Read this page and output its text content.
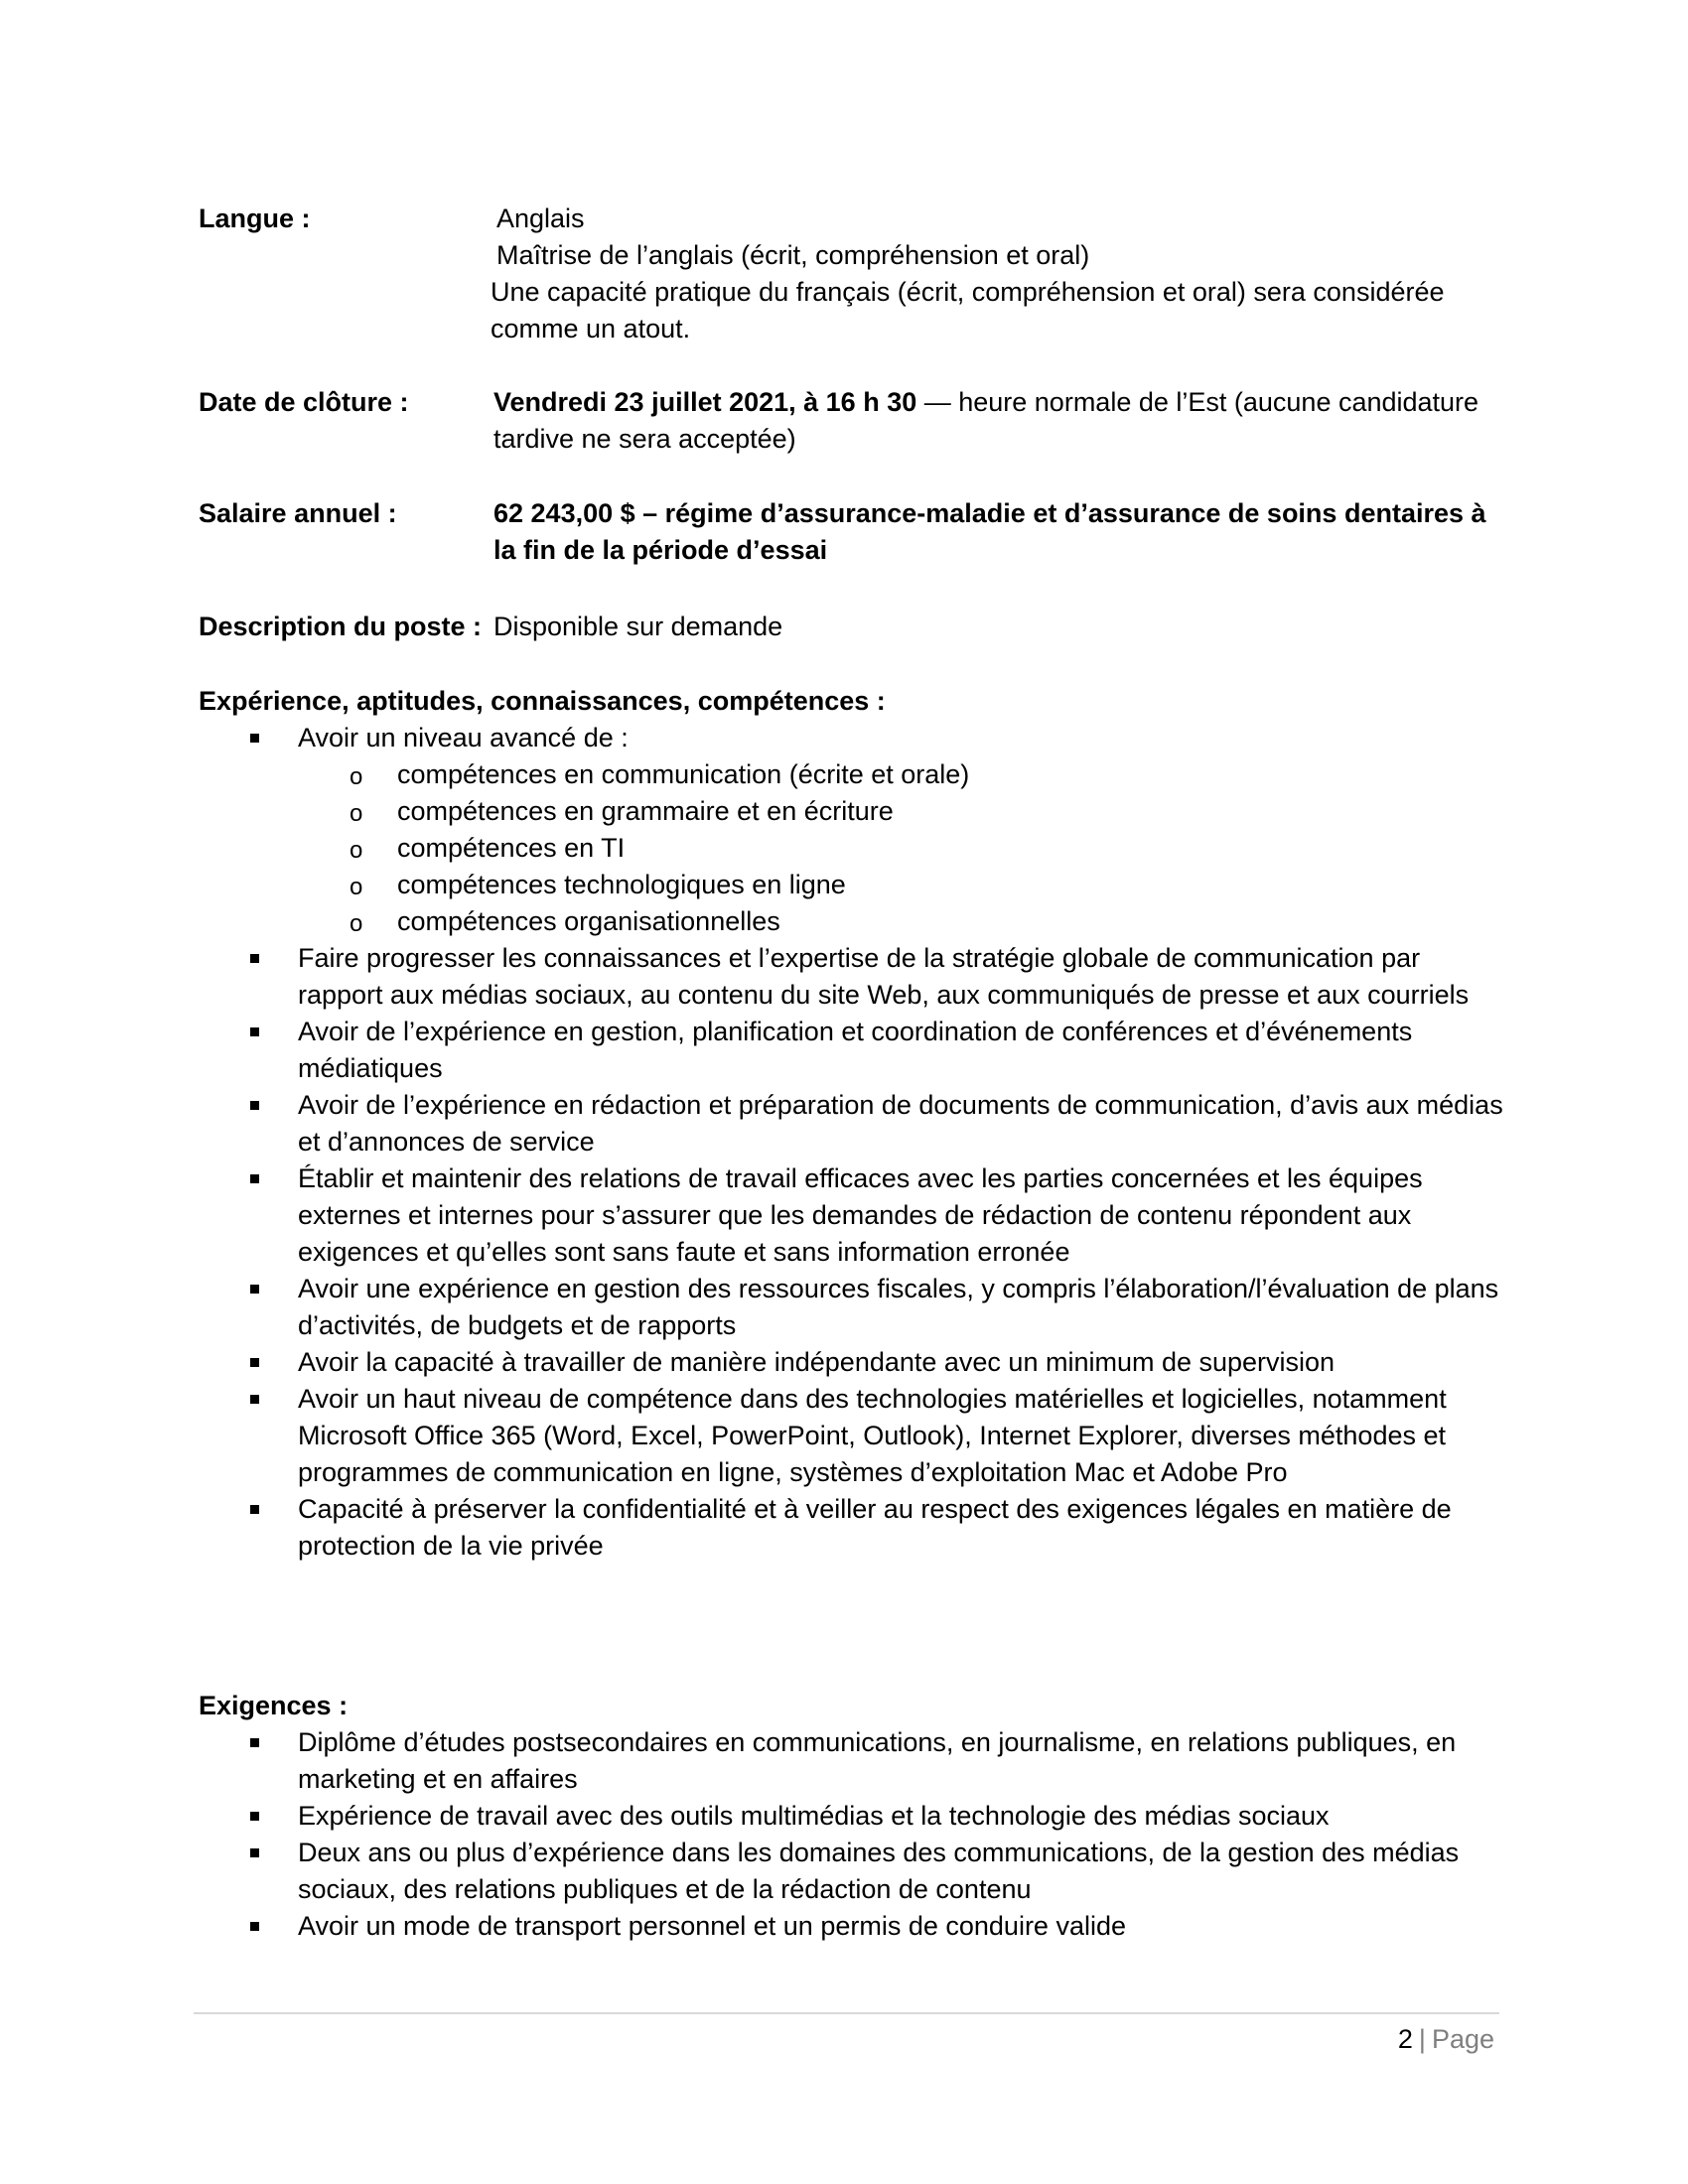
Langue :	Anglais
Maîtrise de l’anglais (écrit, compréhension et oral)
Une capacité pratique du français (écrit, compréhension et oral) sera considérée comme un atout.
Date de clôture :	Vendredi 23 juillet 2021, à 16 h 30 — heure normale de l’Est (aucune candidature tardive ne sera acceptée)
Salaire annuel :	62 243,00 $ – régime d’assurance-maladie et d’assurance de soins dentaires à la fin de la période d’essai
Description du poste : Disponible sur demande
Expérience, aptitudes, connaissances, compétences :
Avoir un niveau avancé de :
o compétences en communication (écrite et orale)
o compétences en grammaire et en écriture
o compétences en TI
o compétences technologiques en ligne
o compétences organisationnelles
Faire progresser les connaissances et l’expertise de la stratégie globale de communication par rapport aux médias sociaux, au contenu du site Web, aux communiqués de presse et aux courriels
Avoir de l’expérience en gestion, planification et coordination de conférences et d’événements médiatiques
Avoir de l’expérience en rédaction et préparation de documents de communication, d’avis aux médias et d’annonces de service
Établir et maintenir des relations de travail efficaces avec les parties concernées et les équipes externes et internes pour s’assurer que les demandes de rédaction de contenu répondent aux exigences et qu’elles sont sans faute et sans information erronée
Avoir une expérience en gestion des ressources fiscales, y compris l’élaboration/l’évaluation de plans d’activités, de budgets et de rapports
Avoir la capacité à travailler de manière indépendante avec un minimum de supervision
Avoir un haut niveau de compétence dans des technologies matérielles et logicielles, notamment Microsoft Office 365 (Word, Excel, PowerPoint, Outlook), Internet Explorer, diverses méthodes et programmes de communication en ligne, systèmes d’exploitation Mac et Adobe Pro
Capacité à préserver la confidentialité et à veiller au respect des exigences légales en matière de protection de la vie privée
Exigences :
Diplôme d’études postsecondaires en communications, en journalisme, en relations publiques, en marketing et en affaires
Expérience de travail avec des outils multimédias et la technologie des médias sociaux
Deux ans ou plus d’expérience dans les domaines des communications, de la gestion des médias sociaux, des relations publiques et de la rédaction de contenu
Avoir un mode de transport personnel et un permis de conduire valide
2 | Page
